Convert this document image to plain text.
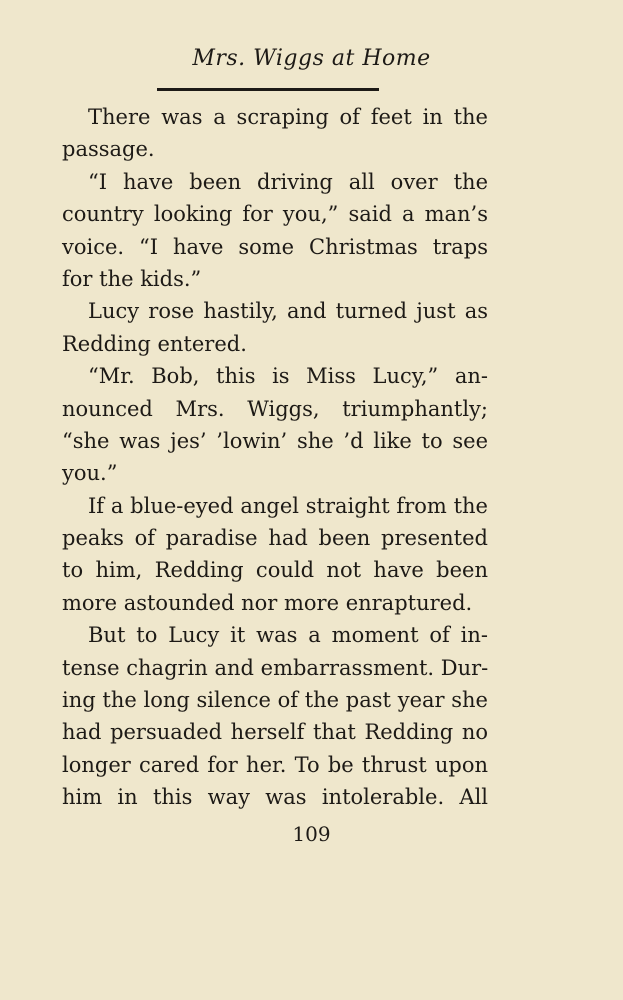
Mrs. Wiggs at Home
There was a scraping of feet in the
passage.
“I have been driving all over the
country looking for you,” said a man’s
voice. “I have some Christmas traps
for the kids.”
Lucy rose hastily, and turned just as
Redding entered.
“Mr. Bob, this is Miss Lucy,” an-
nounced Mrs. Wiggs, triumphantly;
“she was jes’ ’lowin’ she ’d like to see
you.”
If a blue-eyed angel straight from the
peaks of paradise had been presented
to him, Redding could not have been
more astounded nor more enraptured.
But to Lucy it was a moment of in-
tense chagrin and embarrassment. Dur-
ing the long silence of the past year she
had persuaded herself that Redding no
longer cared for her. To be thrust upon
him in this way was intolerable. All
109
